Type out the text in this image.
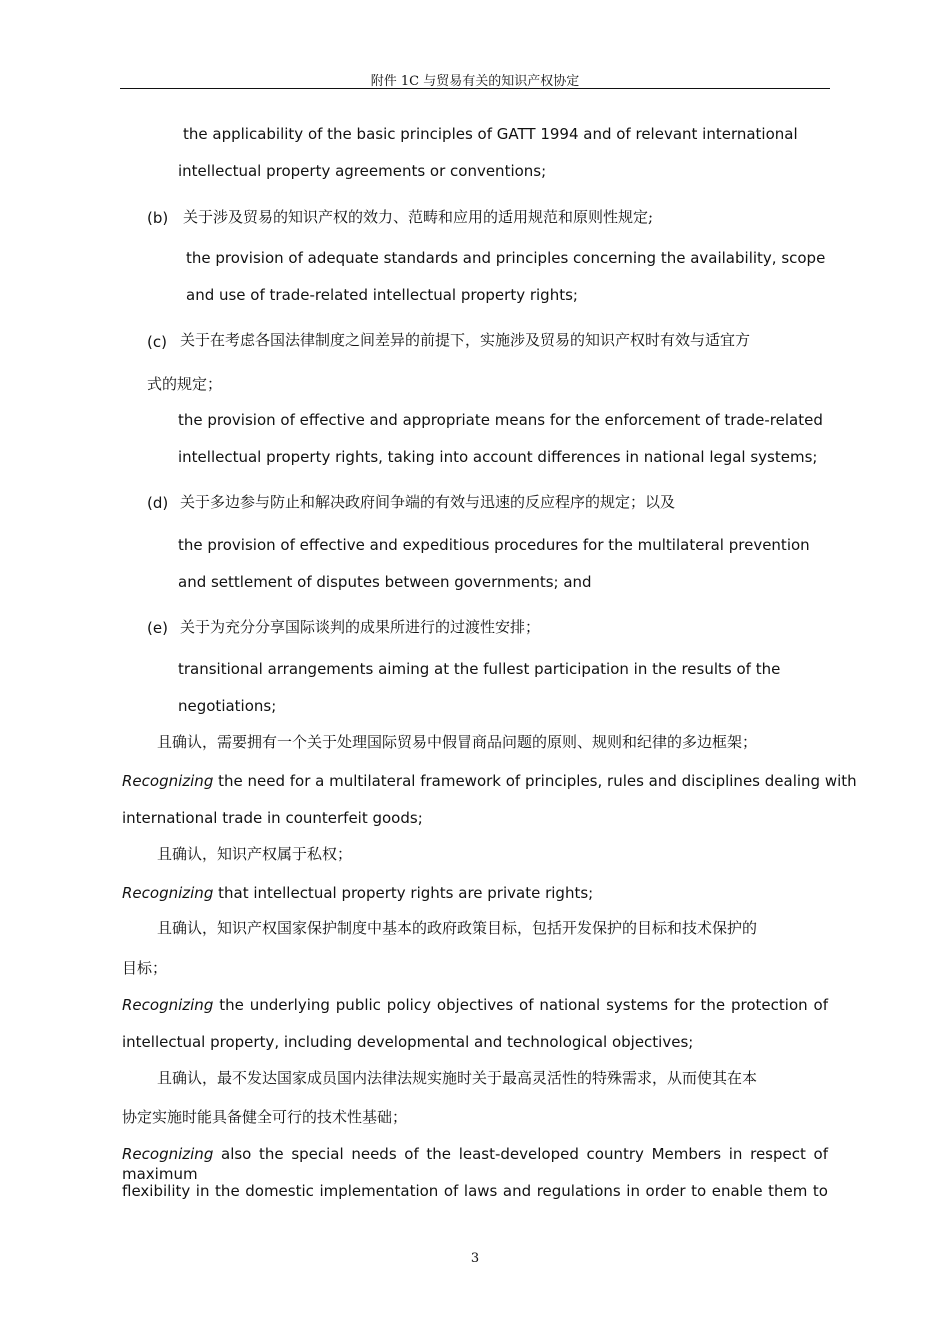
附件 1C 与贸易有关的知识产权协定
the applicability of the basic principles of GATT 1994 and of relevant international
intellectual property agreements or conventions;
(b) 关于涉及贸易的知识产权的效力、范畴和应用的适用规范和原则性规定;
the provision of adequate standards and principles concerning the availability, scope
and use of trade-related intellectual property rights;
(c) 关于在考虑各国法律制度之间差异的前提下，实施涉及贸易的知识产权时有效与适宜方
式的规定；
the provision of effective and appropriate means for the enforcement of trade-related
intellectual property rights, taking into account differences in national legal systems;
(d) 关于多边参与防止和解决政府间争端的有效与迅速的反应程序的规定；以及
the provision of effective and expeditious procedures for the multilateral prevention
and settlement of disputes between governments; and
(e) 关于为充分分享国际谈判的成果所进行的过渡性安排；
transitional arrangements aiming at the fullest participation in the results of the
negotiations;
且确认，需要拥有一个关于处理国际贸易中假冒商品问题的原则、规则和纪律的多边框架；
Recognizing the need for a multilateral framework of principles, rules and disciplines dealing with
international trade in counterfeit goods;
且确认，知识产权属于私权；
Recognizing that intellectual property rights are private rights;
且确认，知识产权国家保护制度中基本的政府政策目标，包括开发保护的目标和技术保护的
目标；
Recognizing the underlying public policy objectives of national systems for the protection of
intellectual property, including developmental and technological objectives;
且确认，最不发达国家成员国内法律法规实施时关于最高灵活性的特殊需求，从而使其在本
协定实施时能具备健全可行的技术性基础；
Recognizing also the special needs of the least-developed country Members in respect of maximum
flexibility in the domestic implementation of laws and regulations in order to enable them to
3
